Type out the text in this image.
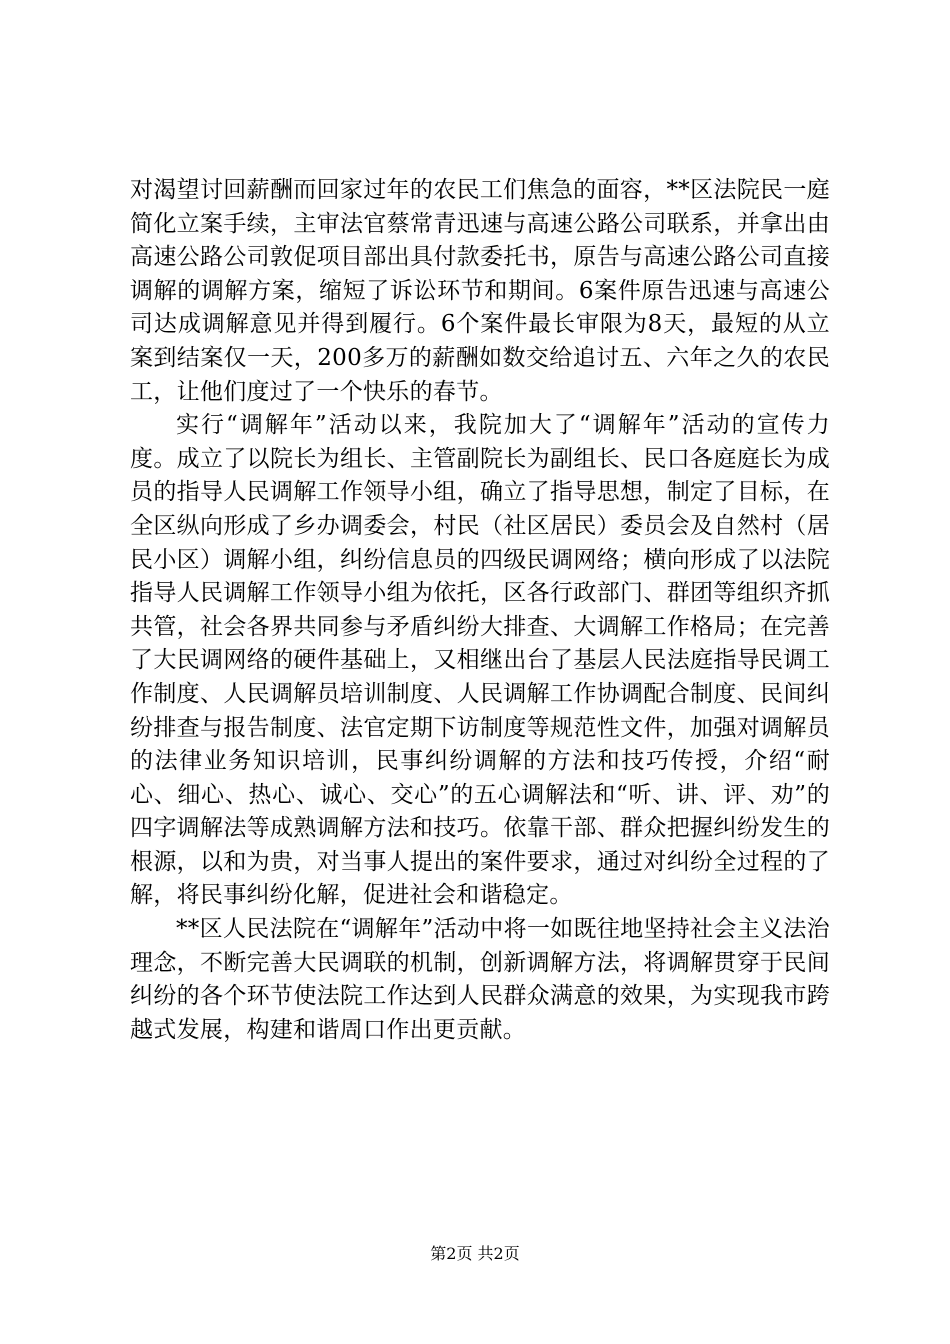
对渴望讨回薪酬而回家过年的农民工们焦急的面容，**区法院民一庭简化立案手续，主审法官蔡常青迅速与高速公路公司联系，并拿出由高速公路公司敦促项目部出具付款委托书，原告与高速公路公司直接调解的调解方案，缩短了诉讼环节和期间。6案件原告迅速与高速公司达成调解意见并得到履行。6个案件最长审限为8天，最短的从立案到结案仅一天，200多万的薪酬如数交给追讨五、六年之久的农民工，让他们度过了一个快乐的春节。

实行“调解年”活动以来，我院加大了“调解年”活动的宣传力度。成立了以院长为组长、主管副院长为副组长、民口各庭庭长为成员的指导人民调解工作领导小组，确立了指导思想，制定了目标，在全区纵向形成了乡办调委会，村民（社区居民）委员会及自然村（居民小区）调解小组，纠纷信息员的四级民调网络；横向形成了以法院指导人民调解工作领导小组为依托，区各行政部门、群团等组织齐抓共管，社会各界共同参与矛盾纠纷大排查、大调解工作格局；在完善了大民调网络的硬件基础上，又相继出台了基层人民法庭指导民调工作制度、人民调解员培训制度、人民调解工作协调配合制度、民间纠纷排查与报告制度、法官定期下访制度等规范性文件，加强对调解员的法律业务知识培训，民事纠纷调解的方法和技巧传授，介绍“耐心、细心、热心、诚心、交心”的五心调解法和“听、讲、评、劝”的四字调解法等成熟调解方法和技巧。依靠干部、群众把握纠纷发生的根源，以和为贵，对当事人提出的案件要求，通过对纠纷全过程的了解，将民事纠纷化解，促进社会和谐稳定。

**区人民法院在“调解年”活动中将一如既往地坚持社会主义法治理念，不断完善大民调联的机制，创新调解方法，将调解贯穿于民间纠纷的各个环节使法院工作达到人民群众满意的效果，为实现我市跨越式发展，构建和谐周口作出更贡献。

第2页 共2页
